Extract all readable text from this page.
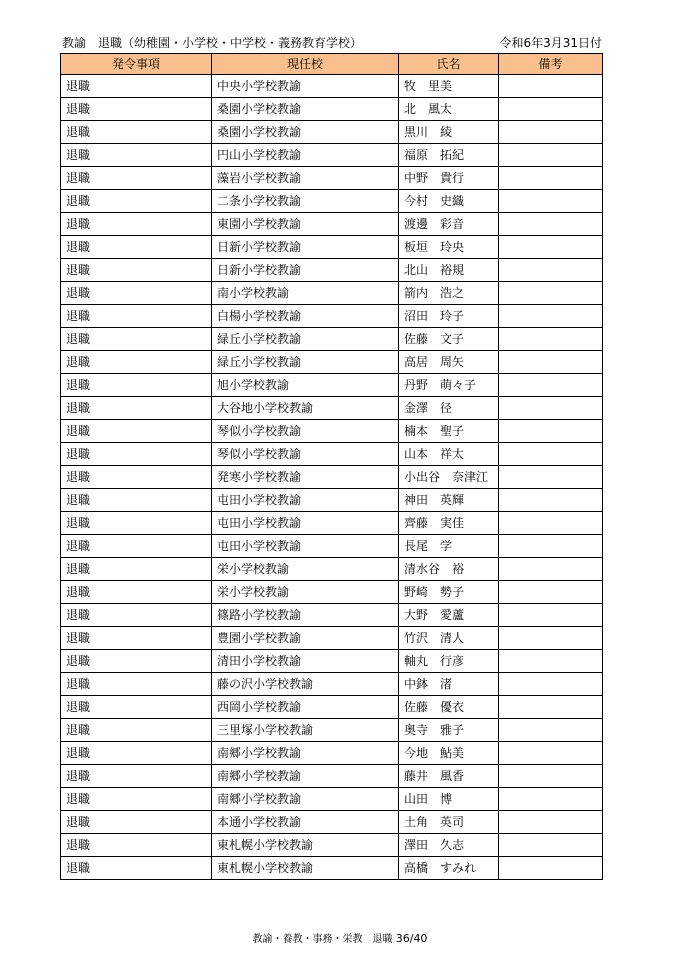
教諭　退職（幼稚園・小学校・中学校・義務教育学校）	令和6年3月31日付
発令事項	現任校	氏名	備考
退職	中央小学校教諭	牧　里美	
退職	桑園小学校教諭	北　風太	
退職	桑園小学校教諭	黒川　綾	
退職	円山小学校教諭	福原　拓紀	
退職	藻岩小学校教諭	中野　貴行	
退職	二条小学校教諭	今村　史織	
退職	東園小学校教諭	渡邊　彩音	
退職	日新小学校教諭	板垣　玲央	
退職	日新小学校教諭	北山　裕規	
退職	南小学校教諭	箭内　浩之	
退職	白楊小学校教諭	沼田　玲子	
退職	緑丘小学校教諭	佐藤　文子	
退職	緑丘小学校教諭	高居　周矢	
退職	旭小学校教諭	丹野　萌々子	
退職	大谷地小学校教諭	金澤　径	
退職	琴似小学校教諭	楠本　聖子	
退職	琴似小学校教諭	山本　祥太	
退職	発寒小学校教諭	小出谷　奈津江	
退職	屯田小学校教諭	神田　英輝	
退職	屯田小学校教諭	齊藤　実佳	
退職	屯田小学校教諭	長尾　学	
退職	栄小学校教諭	清水谷　裕	
退職	栄小学校教諭	野崎　勢子	
退職	篠路小学校教諭	大野　愛蘆	
退職	豊園小学校教諭	竹沢　清人	
退職	清田小学校教諭	軸丸　行彦	
退職	藤の沢小学校教諭	中鉢　渚	
退職	西岡小学校教諭	佐藤　優衣	
退職	三里塚小学校教諭	奥寺　雅子	
退職	南郷小学校教諭	今地　鮎美	
退職	南郷小学校教諭	藤井　風香	
退職	南郷小学校教諭	山田　博	
退職	本通小学校教諭	土角　英司	
退職	東札幌小学校教諭	澤田　久志	
退職	東札幌小学校教諭	高橋　すみれ	
教諭・養教・事務・栄教　退職 36/40
